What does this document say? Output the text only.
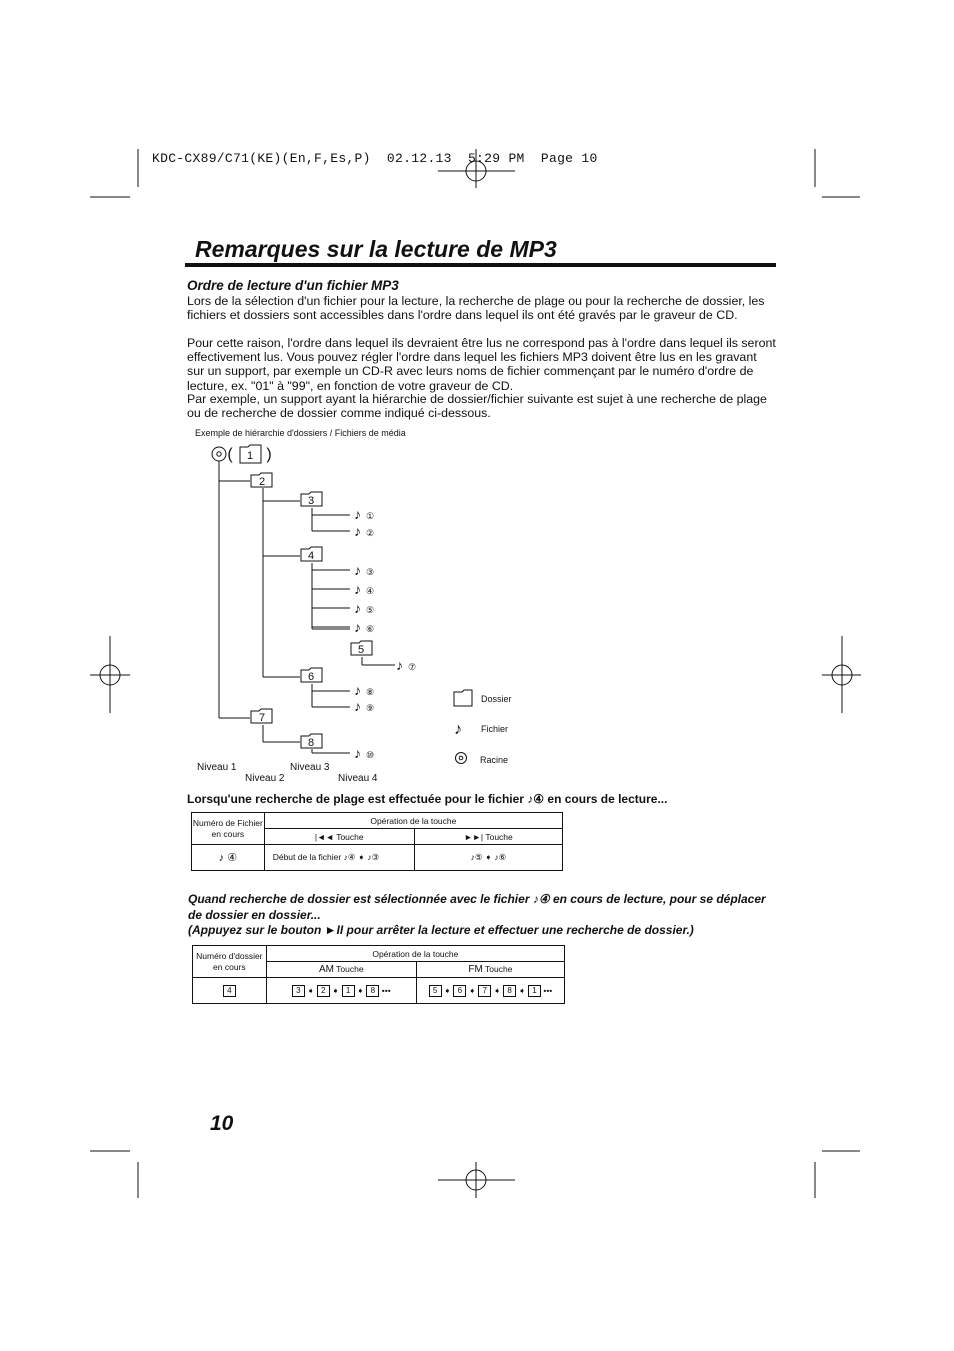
KDC-CX89/C71(KE)(En,F,Es,P)  02.12.13  5:29 PM  Page 10
Remarques sur la lecture de MP3
Ordre de lecture d'un fichier MP3
Lors de la sélection d'un fichier pour la lecture, la recherche de plage ou pour la recherche de dossier, les fichiers et dossiers sont accessibles dans l'ordre dans lequel ils ont été gravés par le graveur de CD.
Pour cette raison, l'ordre dans lequel ils devraient être lus ne correspond pas à l'ordre dans lequel ils seront effectivement lus. Vous pouvez régler l'ordre dans lequel les fichiers MP3 doivent être lus en les gravant sur un support, par exemple un CD-R avec leurs noms de fichier commençant par le numéro d'ordre de lecture, ex. "01" à "99", en fonction de votre graveur de CD.
Par exemple, un support ayant la hiérarchie de dossier/fichier suivante est sujet à une recherche de plage ou de recherche de dossier comme indiqué ci-dessous.
Exemple de hiérarchie d'dossiers / Fichiers de média
( )
1
2
3
4
5
6
7
8
♪ ①
♪ ②
♪ ③
♪ ④
♪ ⑤
♪ ⑥
♪ ⑦
♪ ⑧
♪ ⑨
♪ ⑩
Niveau 1
Niveau 2
Niveau 3
Niveau 4
Dossier
♪ Fichier
Racine
Lorsqu'une recherche de plage est effectuée pour le fichier ♪④ en cours de lecture...
Numéro de Fichier en cours	Opération de la touche	
	|◄◄ Touche	►►| Touche
♪ ④	Début de la fichier ♪④ ➧ ♪③	♪⑤ ➧ ♪⑥
Quand recherche de dossier est sélectionnée avec le fichier ♪④ en cours de lecture, pour se déplacer de dossier en dossier...
(Appuyez sur le bouton ►II pour arrêter la lecture et effectuer une recherche de dossier.)
Numéro d'dossier en cours	Opération de la touche	
	AM Touche	FM Touche
4	3 ➧ 2 ➧ 1 ➧ 8 •••	5 ➧ 6 ➧ 7 ➧ 8 ➧ 1 •••
10
